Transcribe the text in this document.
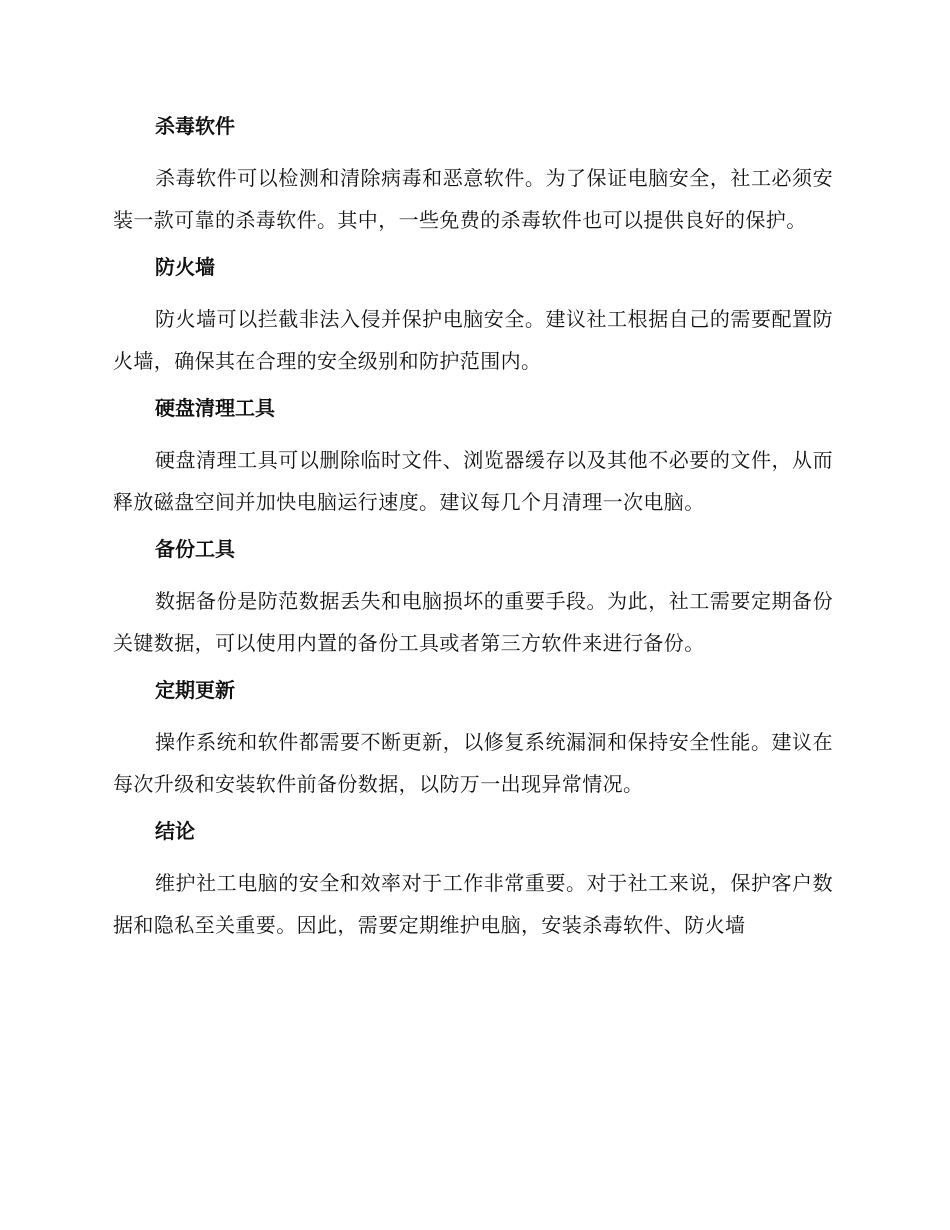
杀毒软件

杀毒软件可以检测和清除病毒和恶意软件。为了保证电脑安全，社工必须安装一款可靠的杀毒软件。其中，一些免费的杀毒软件也可以提供良好的保护。

防火墙

防火墙可以拦截非法入侵并保护电脑安全。建议社工根据自己的需要配置防火墙，确保其在合理的安全级别和防护范围内。

硬盘清理工具

硬盘清理工具可以删除临时文件、浏览器缓存以及其他不必要的文件，从而释放磁盘空间并加快电脑运行速度。建议每几个月清理一次电脑。

备份工具

数据备份是防范数据丢失和电脑损坏的重要手段。为此，社工需要定期备份关键数据，可以使用内置的备份工具或者第三方软件来进行备份。

定期更新

操作系统和软件都需要不断更新，以修复系统漏洞和保持安全性能。建议在每次升级和安装软件前备份数据，以防万一出现异常情况。

结论

维护社工电脑的安全和效率对于工作非常重要。对于社工来说，保护客户数据和隐私至关重要。因此，需要定期维护电脑，安装杀毒软件、防火墙
